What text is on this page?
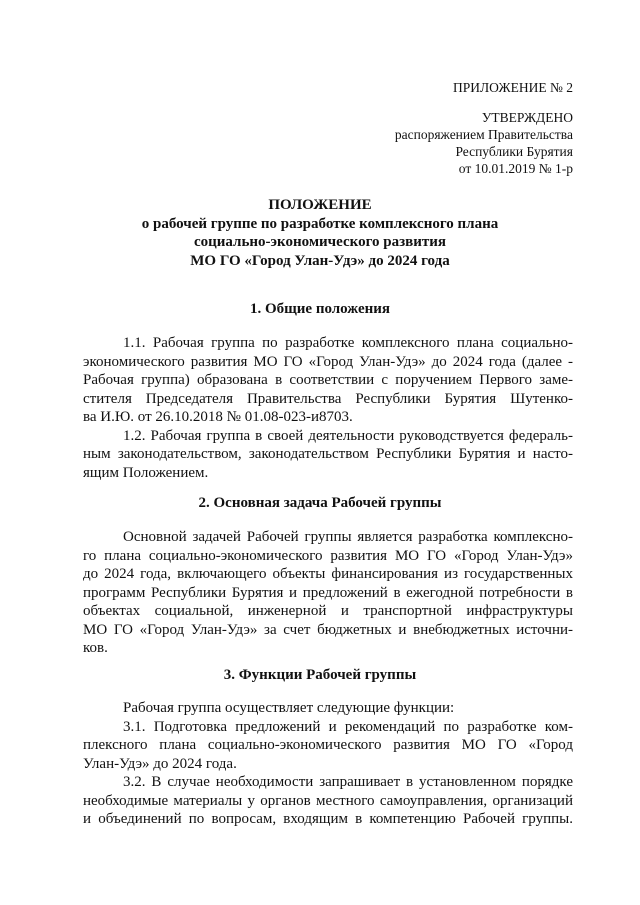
ПРИЛОЖЕНИЕ № 2
УТВЕРЖДЕНО
распоряжением Правительства
Республики Бурятия
от 10.01.2019 № 1-р
ПОЛОЖЕНИЕ
о рабочей группе по разработке комплексного плана
социально-экономического развития
МО ГО «Город Улан-Удэ» до 2024 года
1. Общие положения
1.1. Рабочая группа по разработке комплексного плана социально-
экономического развития МО ГО «Город Улан-Удэ» до 2024 года (далее -
Рабочая группа) образована в соответствии с поручением Первого заме-
стителя Председателя Правительства Республики Бурятия Шутенко-
ва И.Ю. от 26.10.2018 № 01.08-023-и8703.
1.2. Рабочая группа в своей деятельности руководствуется федераль-
ным законодательством, законодательством Республики Бурятия и насто-
ящим Положением.
2. Основная задача Рабочей группы
Основной задачей Рабочей группы является разработка комплексно-
го плана социально-экономического развития МО ГО «Город Улан-Удэ»
до 2024 года, включающего объекты финансирования из государственных
программ Республики Бурятия и предложений в ежегодной потребности в
объектах социальной, инженерной и транспортной инфраструктуры
МО ГО «Город Улан-Удэ» за счет бюджетных и внебюджетных источни-
ков.
3. Функции Рабочей группы
Рабочая группа осуществляет следующие функции:
3.1. Подготовка предложений и рекомендаций по разработке ком-
плексного плана социально-экономического развития МО ГО «Город
Улан-Удэ» до 2024 года.
3.2. В случае необходимости запрашивает в установленном порядке
необходимые материалы у органов местного самоуправления, организаций
и объединений по вопросам, входящим в компетенцию Рабочей группы.
